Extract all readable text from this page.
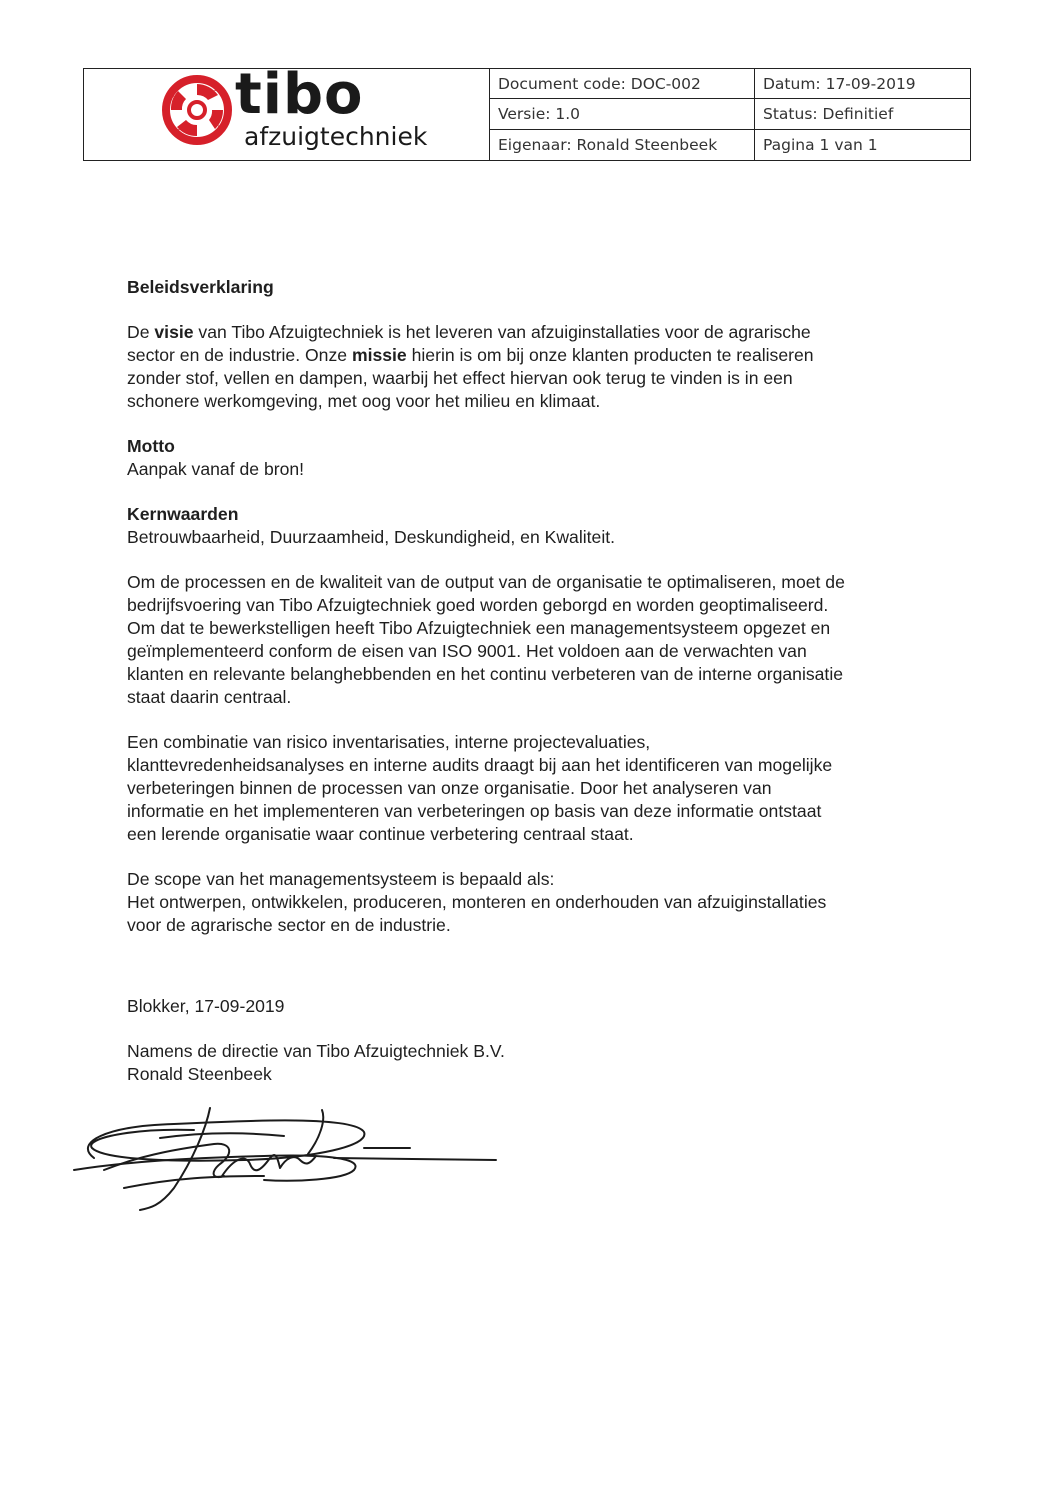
tibo
afzuigtechniek
Document code: DOC-002	Datum: 17-09-2019
Versie: 1.0	Status: Definitief
Eigenaar: Ronald Steenbeek	Pagina 1 van 1

Beleidsverklaring

De visie van Tibo Afzuigtechniek is het leveren van afzuiginstallaties voor de agrarische
sector en de industrie. Onze missie hierin is om bij onze klanten producten te realiseren
zonder stof, vellen en dampen, waarbij het effect hiervan ook terug te vinden is in een
schonere werkomgeving, met oog voor het milieu en klimaat.

Motto

Aanpak vanaf de bron!

Kernwaarden

Betrouwbaarheid, Duurzaamheid, Deskundigheid, en Kwaliteit.

Om de processen en de kwaliteit van de output van de organisatie te optimaliseren, moet de
bedrijfsvoering van Tibo Afzuigtechniek goed worden geborgd en worden geoptimaliseerd.
Om dat te bewerkstelligen heeft Tibo Afzuigtechniek een managementsysteem opgezet en
geïmplementeerd conform de eisen van ISO 9001. Het voldoen aan de verwachten van
klanten en relevante belanghebbenden en het continu verbeteren van de interne organisatie
staat daarin centraal.

Een combinatie van risico inventarisaties, interne projectevaluaties,
klanttevredenheidsanalyses en interne audits draagt bij aan het identificeren van mogelijke
verbeteringen binnen de processen van onze organisatie. Door het analyseren van
informatie en het implementeren van verbeteringen op basis van deze informatie ontstaat
een lerende organisatie waar continue verbetering centraal staat.

De scope van het managementsysteem is bepaald als:
Het ontwerpen, ontwikkelen, produceren, monteren en onderhouden van afzuiginstallaties
voor de agrarische sector en de industrie.

Blokker, 17-09-2019

Namens de directie van Tibo Afzuigtechniek B.V.
Ronald Steenbeek
